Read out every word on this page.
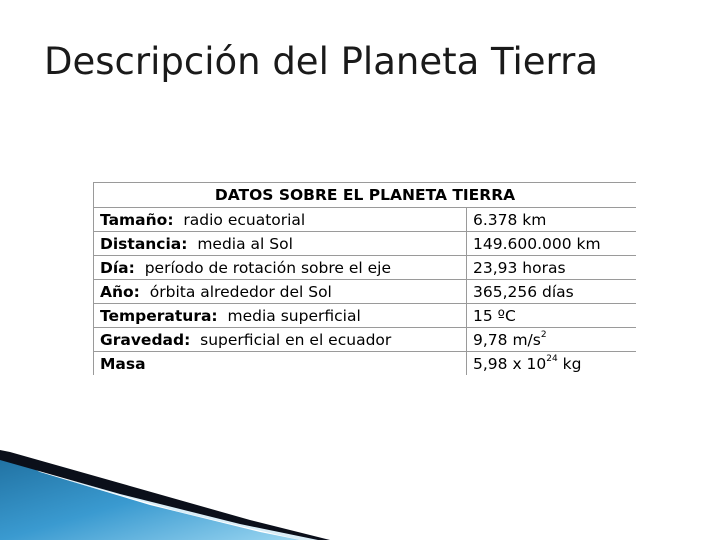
Descripción del Planeta Tierra
DATOS SOBRE EL PLANETA TIERRA	
Tamaño: radio ecuatorial	6.378 km
Distancia: media al Sol	149.600.000 km
Día: período de rotación sobre el eje	23,93 horas
Año: órbita alrededor del Sol	365,256 días
Temperatura: media superficial	15 ºC
Gravedad: superficial en el ecuador	9,78 $m/s^2$
Masa	5,98 x $10^{24}$ kg
